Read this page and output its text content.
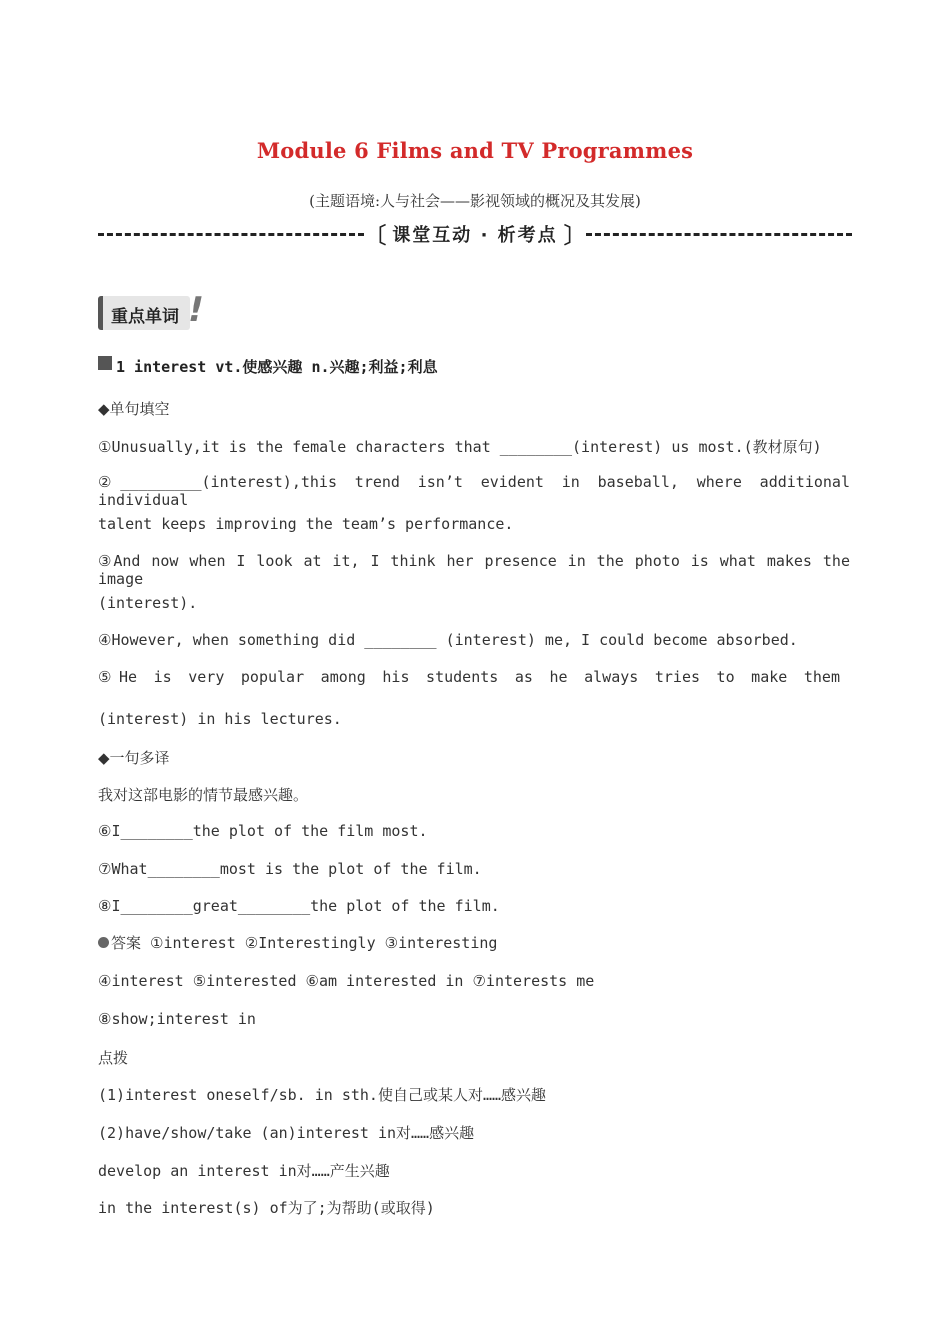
Module 6 Films and TV Programmes
(主题语境:人与社会——影视领域的概况及其发展)
〔 课堂互动 · 析考点 〕
重点单词 !
1 interest vt.使感兴趣 n.兴趣;利益;利息
◆单句填空
①Unusually,it is the female characters that ________(interest) us most.(教材原句)
②_________(interest),this trend isn’t evident in baseball, where additional individual
talent keeps improving the team’s performance.
③And now when I look at it, I think her presence in the photo is what makes the image
(interest).
④However, when something did ________ (interest) me, I could become absorbed.
⑤He is very popular among his students as he always tries to make them
(interest) in his lectures.
◆一句多译
我对这部电影的情节最感兴趣。
⑥I________the plot of the film most.
⑦What________most is the plot of the film.
⑧I________great________the plot of the film.
答案 ①interest ②Interestingly ③interesting
④interest ⑤interested ⑥am interested in ⑦interests me
⑧show;interest in
点拨
(1)interest oneself/sb. in sth.使自己或某人对……感兴趣
(2)have/show/take (an)interest in对……感兴趣
develop an interest in对……产生兴趣
in the interest(s) of为了;为帮助(或取得)
